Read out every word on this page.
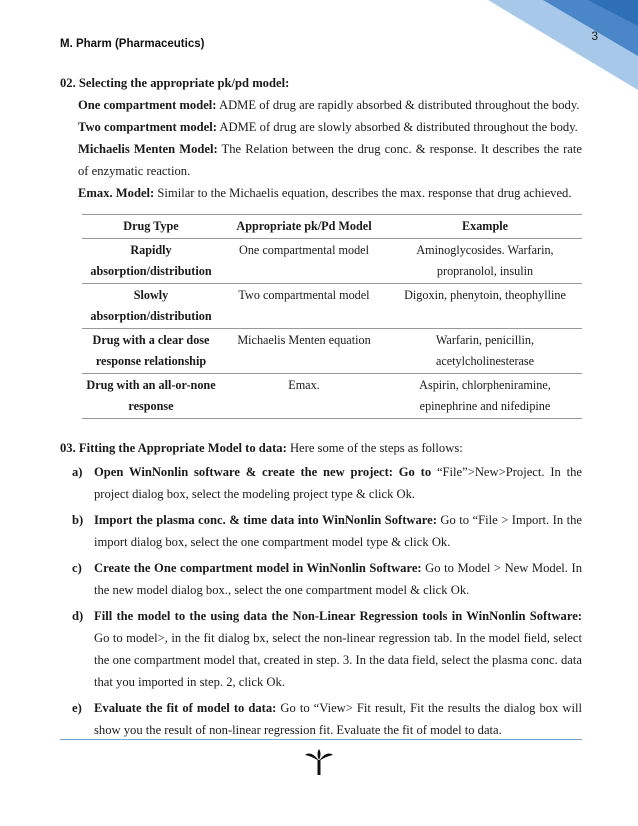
3
M. Pharm (Pharmaceutics)
02. Selecting the appropriate pk/pd model:
One compartment model: ADME of drug are rapidly absorbed & distributed throughout the body.
Two compartment model: ADME of drug are slowly absorbed & distributed throughout the body.
Michaelis Menten Model: The Relation between the drug conc. & response. It describes the rate of enzymatic reaction.
Emax. Model: Similar to the Michaelis equation, describes the max. response that drug achieved.
Drug Type	Appropriate pk/Pd Model	Example
Rapidly absorption/distribution	One compartmental model	Aminoglycosides. Warfarin, propranolol, insulin
Slowly absorption/distribution	Two compartmental model	Digoxin, phenytoin, theophylline
Drug with a clear dose response relationship	Michaelis Menten equation	Warfarin, penicillin, acetylcholinesterase
Drug with an all-or-none response	Emax.	Aspirin, chlorpheniramine, epinephrine and nifedipine
03. Fitting the Appropriate Model to data: Here some of the steps as follows:
a) Open WinNonlin software & create the new project: Go to “File”>New>Project. In the project dialog box, select the modeling project type & click Ok.
b) Import the plasma conc. & time data into WinNonlin Software: Go to “File > Import. In the import dialog box, select the one compartment model type & click Ok.
c) Create the One compartment model in WinNonlin Software: Go to Model > New Model. In the new model dialog box., select the one compartment model & click Ok.
d) Fill the model to the using data the Non-Linear Regression tools in WinNonlin Software: Go to model>, in the fit dialog bx, select the non-linear regression tab. In the model field, select the one compartment model that, created in step. 3. In the data field, select the plasma conc. data that you imported in step. 2, click Ok.
e) Evaluate the fit of model to data: Go to “View> Fit result, Fit the results the dialog box will show you the result of non-linear regression fit. Evaluate the fit of model to data.
